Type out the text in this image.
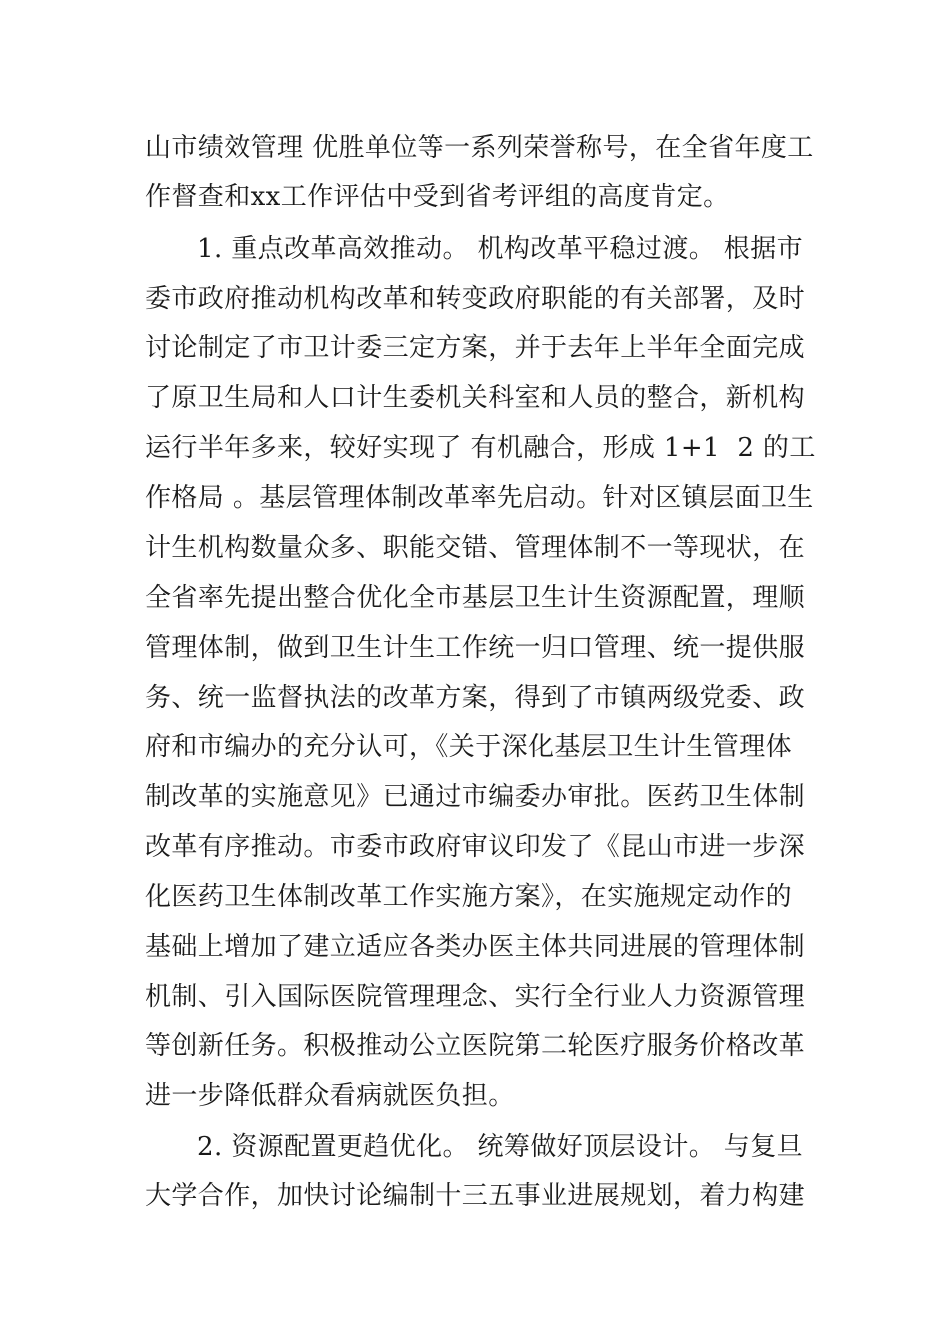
山市绩效管理 优胜单位等一系列荣誉称号，在全省年度工
作督查和xx工作评估中受到省考评组的高度肯定。
1. 重点改革高效推动。 机构改革平稳过渡。 根据市
委市政府推动机构改革和转变政府职能的有关部署，及时
讨论制定了市卫计委三定方案，并于去年上半年全面完成
了原卫生局和人口计生委机关科室和人员的整合，新机构
运行半年多来，较好实现了 有机融合，形成 1+1  2 的工
作格局 。基层管理体制改革率先启动。针对区镇层面卫生
计生机构数量众多、职能交错、管理体制不一等现状，在
全省率先提出整合优化全市基层卫生计生资源配置，理顺
管理体制，做到卫生计生工作统一归口管理、统一提供服
务、统一监督执法的改革方案，得到了市镇两级党委、政
府和市编办的充分认可，《关于深化基层卫生计生管理体
制改革的实施意见》已通过市编委办审批。医药卫生体制
改革有序推动。市委市政府审议印发了《昆山市进一步深
化医药卫生体制改革工作实施方案》，在实施规定动作的
基础上增加了建立适应各类办医主体共同进展的管理体制
机制、引入国际医院管理理念、实行全行业人力资源管理
等创新任务。积极推动公立医院第二轮医疗服务价格改革
进一步降低群众看病就医负担。
2. 资源配置更趋优化。 统筹做好顶层设计。 与复旦
大学合作，加快讨论编制十三五事业进展规划，着力构建
